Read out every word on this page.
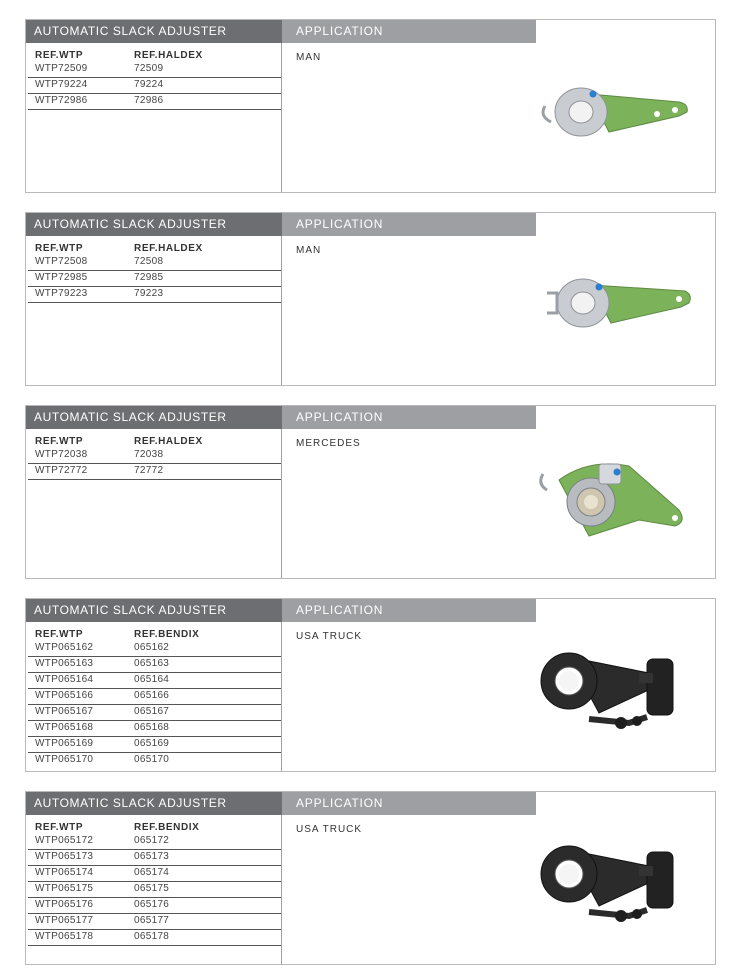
AUTOMATIC SLACK ADJUSTER	APPLICATION
REF.WTP	REF.HALDEX
WTP72509	72509
WTP79224	79224
WTP72986	72986
MAN
AUTOMATIC SLACK ADJUSTER	APPLICATION
REF.WTP	REF.HALDEX
WTP72508	72508
WTP72985	72985
WTP79223	79223
MAN
AUTOMATIC SLACK ADJUSTER	APPLICATION
REF.WTP	REF.HALDEX
WTP72038	72038
WTP72772	72772
MERCEDES
AUTOMATIC SLACK ADJUSTER	APPLICATION
REF.WTP	REF.BENDIX
WTP065162	065162
WTP065163	065163
WTP065164	065164
WTP065166	065166
WTP065167	065167
WTP065168	065168
WTP065169	065169
WTP065170	065170
USA TRUCK
AUTOMATIC SLACK ADJUSTER	APPLICATION
REF.WTP	REF.BENDIX
WTP065172	065172
WTP065173	065173
WTP065174	065174
WTP065175	065175
WTP065176	065176
WTP065177	065177
WTP065178	065178
USA TRUCK
